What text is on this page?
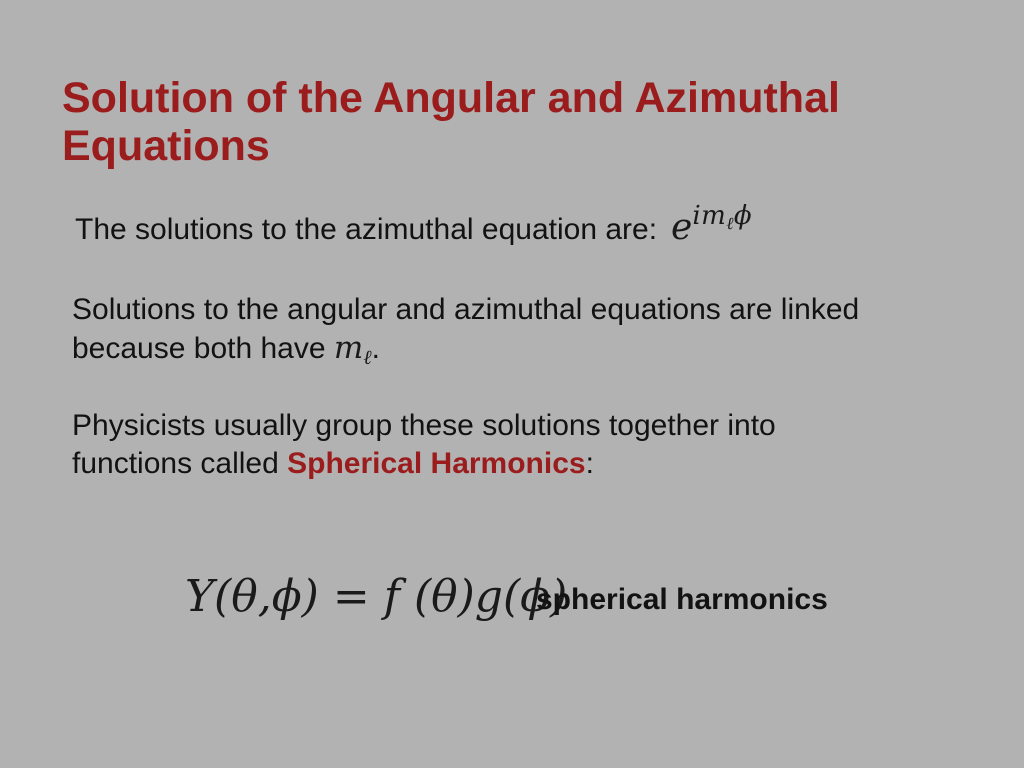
Solution of the Angular and Azimuthal
Equations
The solutions to the azimuthal equation are: eimℓϕ
Solutions to the angular and azimuthal equations are linked
because both have mℓ.
Physicists usually group these solutions together into
functions called Spherical Harmonics:
Y(θ,ϕ) = f (θ)g(ϕ)
spherical harmonics
